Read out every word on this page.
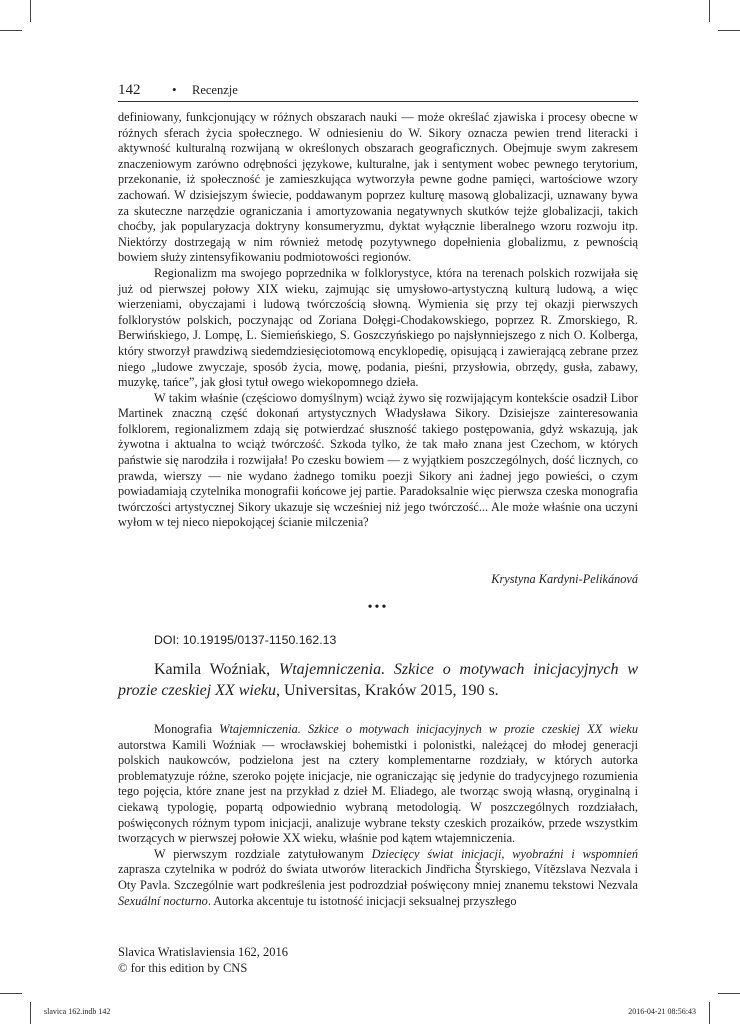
142 • Recenzje

definiowany, funkcjonujący w różnych obszarach nauki — może określać zjawiska i procesy obecne w różnych sferach życia społecznego. W odniesieniu do W. Sikory oznacza pewien trend literacki i aktywność kulturalną rozwijaną w określonych obszarach geograficznych. Obejmuje swym zakresem znaczeniowym zarówno odrębności językowe, kulturalne, jak i sentyment wobec pewnego terytorium, przekonanie, iż społeczność je zamieszkująca wytworzyła pewne godne pamięci, wartościowe wzory zachowań. W dzisiejszym świecie, poddawanym poprzez kulturę masową globalizacji, uznawany bywa za skuteczne narzędzie ograniczania i amortyzowania negatywnych skutków tejże globalizacji, takich choćby, jak popularyzacja doktryny konsumeryzmu, dyktat wyłącznie liberalnego wzoru rozwoju itp. Niektórzy dostrzegają w nim również metodę pozytywnego dopełnienia globalizmu, z pewnością bowiem służy zintensyfikowaniu podmiotowości regionów.

Regionalizm ma swojego poprzednika w folklorystyce, która na terenach polskich rozwijała się już od pierwszej połowy XIX wieku, zajmując się umysłowo-artystyczną kulturą ludową, a więc wierzeniami, obyczajami i ludową twórczością słowną. Wymienia się przy tej okazji pierwszych folklorystów polskich, poczynając od Zoriana Dołęgi-Chodakowskiego, poprzez R. Zmorskiego, R. Berwińskiego, J. Lompę, L. Siemieńskiego, S. Goszczyńskiego po najsłynniejszego z nich O. Kolberga, który stworzył prawdziwą siedemdziesięciotomową encyklopedię, opisującą i zawierającą zebrane przez niego „ludowe zwyczaje, sposób życia, mowę, podania, pieśni, przysłowia, obrzędy, gusła, zabawy, muzykę, tańce”, jak głosi tytuł owego wiekopomnego dzieła.

W takim właśnie (częściowo domyślnym) wciąż żywo się rozwijającym kontekście osadził Libor Martinek znaczną część dokonań artystycznych Władysława Sikory. Dzisiejsze zainteresowania folklorem, regionalizmem zdają się potwierdzać słuszność takiego postępowania, gdyż wskazują, jak żywotna i aktualna to wciąż twórczość. Szkoda tylko, że tak mało znana jest Czechom, w których państwie się narodziła i rozwijała! Po czesku bowiem — z wyjątkiem poszczególnych, dość licznych, co prawda, wierszy — nie wydano żadnego tomiku poezji Sikory ani żadnej jego powieści, o czym powiadamiają czytelnika monografii końcowe jej partie. Paradoksalnie więc pierwsza czeska monografia twórczości artystycznej Sikory ukazuje się wcześniej niż jego twórczość... Ale może właśnie ona uczyni wyłom w tej nieco niepokojącej ścianie milczenia?

Krystyna Kardyni-Pelikánová
•••
DOI: 10.19195/0137-1150.162.13
Kamila Woźniak, Wtajemniczenia. Szkice o motywach inicjacyjnych w prozie czeskiej XX wieku, Universitas, Kraków 2015, 190 s.

Monografia Wtajemniczenia. Szkice o motywach inicjacyjnych w prozie czeskiej XX wieku autorstwa Kamili Woźniak — wrocławskiej bohemistki i polonistki, należącej do młodej generacji polskich naukowców, podzielona jest na cztery komplementarne rozdziały, w których autorka problematyzuje różne, szeroko pojęte inicjacje, nie ograniczając się jedynie do tradycyjnego rozumienia tego pojęcia, które znane jest na przykład z dzieł M. Eliadego, ale tworząc swoją własną, oryginalną i ciekawą typologię, popartą odpowiednio wybraną metodologią. W poszczególnych rozdziałach, poświęconych różnym typom inicjacji, analizuje wybrane teksty czeskich prozaików, przede wszystkim tworzących w pierwszej połowie XX wieku, właśnie pod kątem wtajemniczenia.

W pierwszym rozdziale zatytułowanym Dziecięcy świat inicjacji, wyobraźni i wspomnień zaprasza czytelnika w podróż do świata utworów literackich Jindřicha Štyrskiego, Vítězslava Nezvala i Oty Pavla. Szczególnie wart podkreślenia jest podrozdział poświęcony mniej znanemu tekstowi Nezvala Sexuální nocturno. Autorka akcentuje tu istotność inicjacji seksualnej przyszłego

Slavica Wratislaviensia 162, 2016
© for this edition by CNS
slavica 162.indb 142	2016-04-21 08:56:43
